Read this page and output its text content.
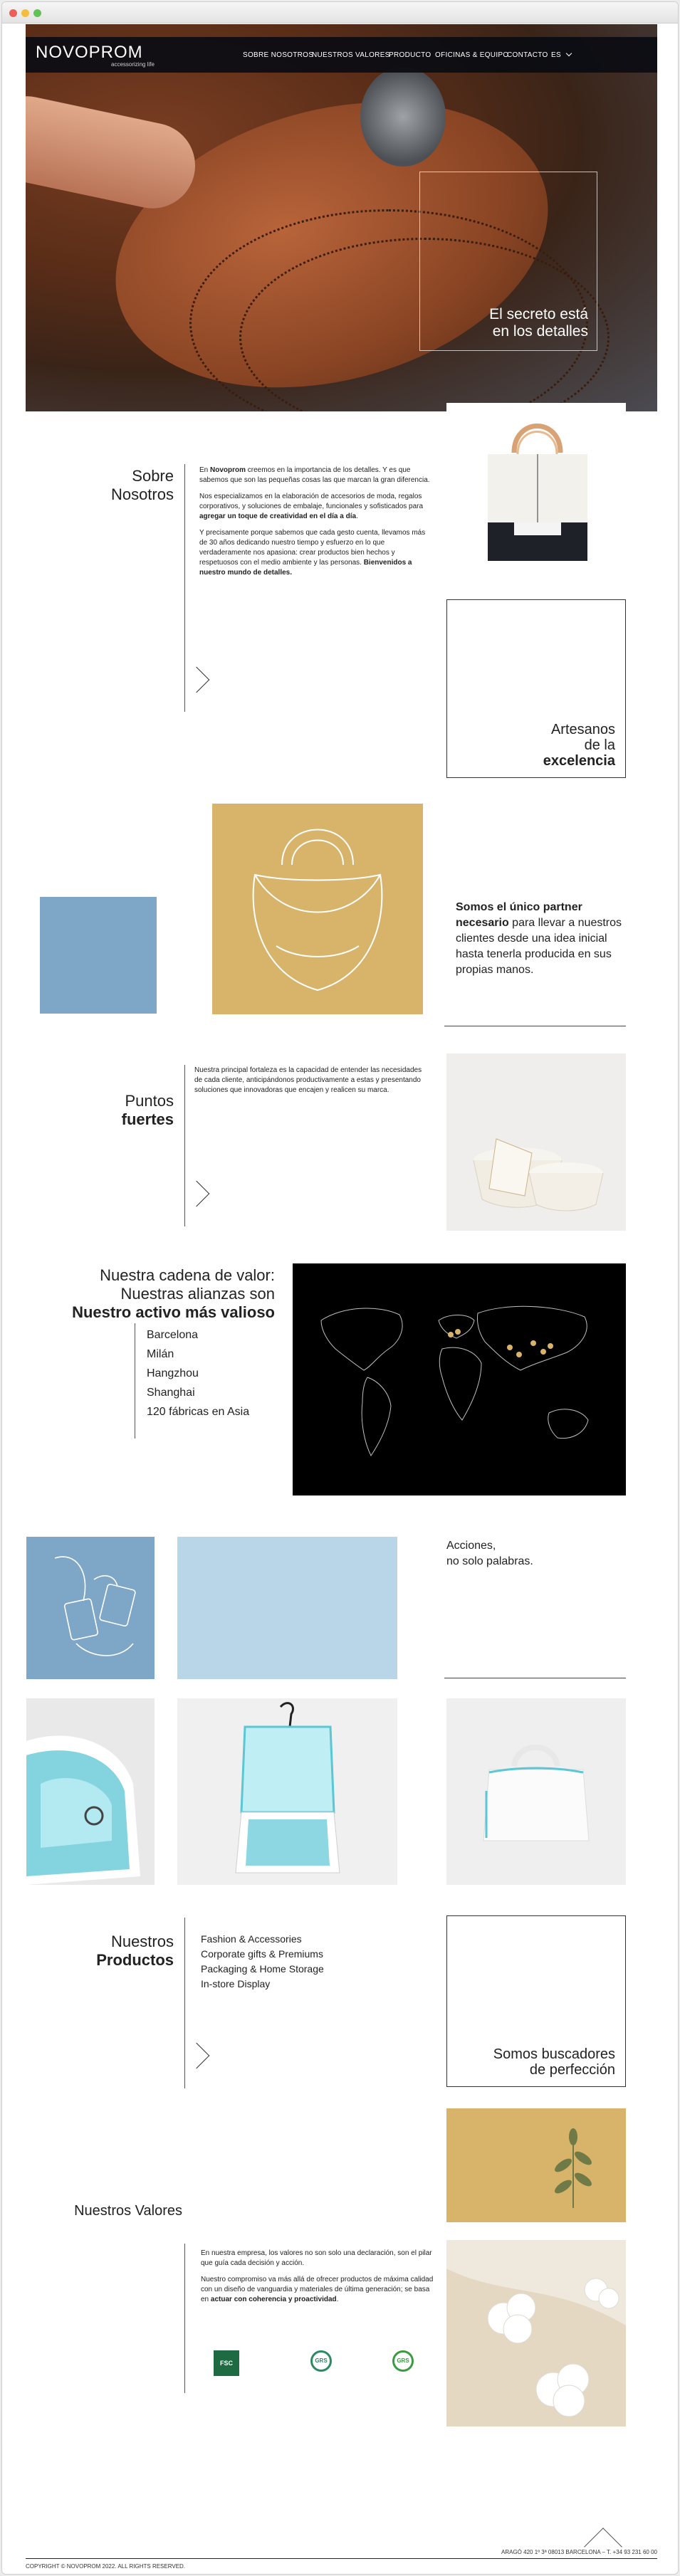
NOVOPROM
accessorizing life
SOBRE NOSOTROS
NUESTROS VALORES
PRODUCTO OFICINAS & EQUIPO
CONTACTO ES
El secreto está
en los detalles
Sobre
Nosotros

En Novoprom creemos en la importancia de los detalles. Y es que sabemos que son las pequeñas cosas las que marcan la gran diferencia.

Nos especializamos en la elaboración de accesorios de moda, regalos corporativos, y soluciones de embalaje, funcionales y sofisticados para agregar un toque de creatividad en el día a día.

Y precisamente porque sabemos que cada gesto cuenta, llevamos más de 30 años dedicando nuestro tiempo y esfuerzo en lo que verdaderamente nos apasiona: crear productos bien hechos y respetuosos con el medio ambiente y las personas. Bienvenidos a nuestro mundo de detalles.

Artesanos
de la
excelencia
Somos el único partner necesario para llevar a nuestros clientes desde una idea inicial hasta tenerla producida en sus propias manos.
Puntos
fuertes
Nuestra principal fortaleza es la capacidad de entender las necesidades de cada cliente, anticipándonos productivamente a estas y presentando soluciones que innovadoras que encajen y realicen su marca.
Nuestra cadena de valor:
Nuestras alianzas son
Nuestro activo más valioso
Barcelona
Milán
Hangzhou
Shanghai
120 fábricas en Asia
Acciones,
no solo palabras.
Nuestros
Productos
Fashion & Accessories
Corporate gifts & Premiums
Packaging & Home Storage
In-store Display
Somos buscadores
de perfección
Nuestros Valores

En nuestra empresa, los valores no son solo una declaración, son el pilar que guía cada decisión y acción.

Nuestro compromiso va más allá de ofrecer productos de máxima calidad con un diseño de vanguardia y materiales de última generación; se basa en actuar con coherencia y proactividad.

FSC	GRS	GRS
COPYRIGHT © NOVOPROM 2022. ALL RIGHTS RESERVED.
ARAGÓ 420 1º 3ª 08013 BARCELONA – T. +34 93 231 60 00
